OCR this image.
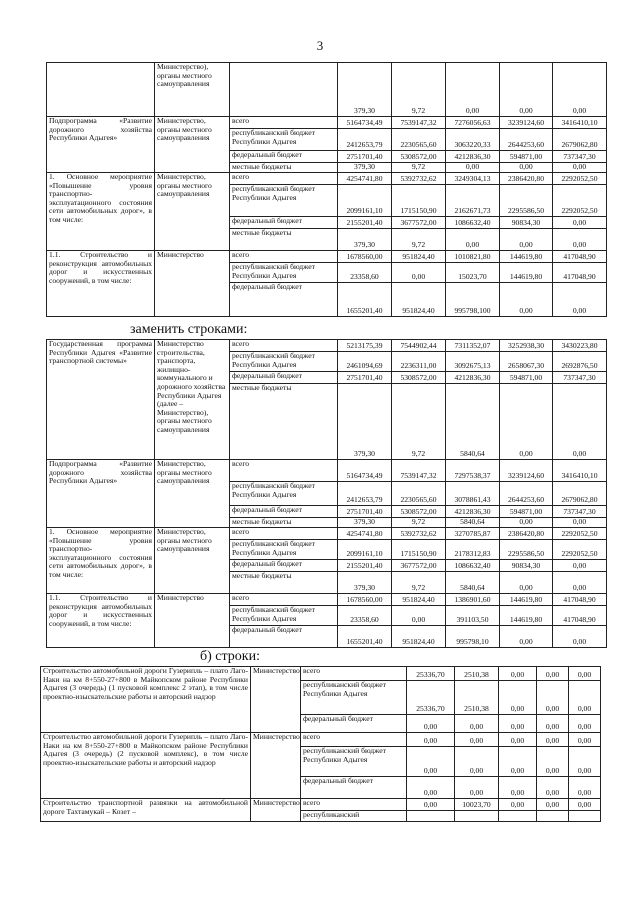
3
	Министерство), органы местного самоуправления		379,30	9,72	0,00	0,00	0,00
Подпрограмма «Развитие дорожного хозяйства Республики Адыгея»	Министерство, органы местного самоуправления	всего	5164734,49	7539147,32	7276056,63	3239124,60	3416410,10
		республиканский бюджет Республики Адыгея	2412653,79	2230565,60	3063220,33	2644253,60	2679062,80
		федеральный бюджет	2751701,40	5308572,00	4212836,30	594871,00	737347,30
		местные бюджеты	379,30	9,72	0,00	0,00	0,00
1. Основное мероприятие «Повышение уровня транспортно-эксплуатационного состояния сети автомобильных дорог», в том числе:	Министерство, органы местного самоуправления	всего	4254741,80	5392732,62	3249304,13	2386420,80	2292052,50
		республиканский бюджет Республики Адыгея	2099161,10	1715150,90	2162671,73	2295586,50	2292052,50
		федеральный бюджет	2155201,40	3677572,00	1086632,40	90834,30	0,00
		местные бюджеты	379,30	9,72	0,00	0,00	0,00
1.1. Строительство и реконструкция автомобильных дорог и искусственных сооружений, в том числе:	Министерство	всего	1678560,00	951824,40	1010821,80	144619,80	417048,90
		республиканский бюджет Республики Адыгея	23358,60	0,00	15023,70	144619,80	417048,90
		федеральный бюджет	1655201,40	951824,40	995798,100	0,00	0,00
заменить строками:
Государственная программа Республики Адыгея «Развитие транспортной системы»	Министерство строительства, транспорта, жилищно-коммунального и дорожного хозяйства Республики Адыгея (далее – Министерство), органы местного самоуправления	всего	5213175,39	7544902,44	7311352,07	3252938,30	3430223,80
		республиканский бюджет Республики Адыгея	2461094,69	2236311,00	3092675,13	2658067,30	2692876,50
		федеральный бюджет	2751701,40	5308572,00	4212836,30	594871,00	737347,30
		местные бюджеты	379,30	9,72	5840,64	0,00	0,00
Подпрограмма «Развитие дорожного хозяйства Республики Адыгея»	Министерство, органы местного самоуправления	всего	5164734,49	7539147,32	7297538,37	3239124,60	3416410,10
		республиканский бюджет Республики Адыгея	2412653,79	2230565,60	3078861,43	2644253,60	2679062,80
		федеральный бюджет	2751701,40	5308572,00	4212836,30	594871,00	737347,30
		местные бюджеты	379,30	9,72	5840,64	0,00	0,00
1. Основное мероприятие «Повышение уровня транспортно-эксплуатационного состояния сети автомобильных дорог», в том числе:	Министерство, органы местного самоуправления	всего	4254741,80	5392732,62	3270785,87	2386420,80	2292052,50
		республиканский бюджет Республики Адыгея	2099161,10	1715150,90	2178312,83	2295586,50	2292052,50
		федеральный бюджет	2155201,40	3677572,00	1086632,40	90834,30	0,00
		местные бюджеты	379,30	9,72	5840,64	0,00	0,00
1.1. Строительство и реконструкция автомобильных дорог и искусственных сооружений, в том числе:	Министерство	всего	1678560,00	951824,40	1386901,60	144619,80	417048,90
		республиканский бюджет Республики Адыгея	23358,60	0,00	391103,50	144619,80	417048,90
		федеральный бюджет	1655201,40	951824,40	995798,10	0,00	0,00
б) строки:
Строительство автомобильной дороги Гузерипль – плато Лаго-Наки на км 8+550-27+800 в Майкопском районе Республики Адыгея (3 очередь) (1 пусковой комплекс 2 этап), в том числе проектно-изыскательские работы и авторский надзор	Министерство	всего	25336,70	2510,38	0,00	0,00	0,00
		республиканский бюджет Республики Адыгея	25336,70	2510,38	0,00	0,00	0,00
		федеральный бюджет	0,00	0,00	0,00	0,00	0,00
Строительство автомобильной дороги Гузерипль – плато Лаго-Наки на км 8+550-27+800 в Майкопском районе Республики Адыгея (3 очередь) (2 пусковой комплекс), в том числе проектно-изыскательские работы и авторский надзор	Министерство	всего	0,00	0,00	0,00	0,00	0,00
		республиканский бюджет Республики Адыгея	0,00	0,00	0,00	0,00	0,00
		федеральный бюджет	0,00	0,00	0,00	0,00	0,00
Строительство транспортной развязки на автомобильной дороге Тахтамукай – Козет –	Министерство	всего	0,00	10023,70	0,00	0,00	0,00
		республиканский					
